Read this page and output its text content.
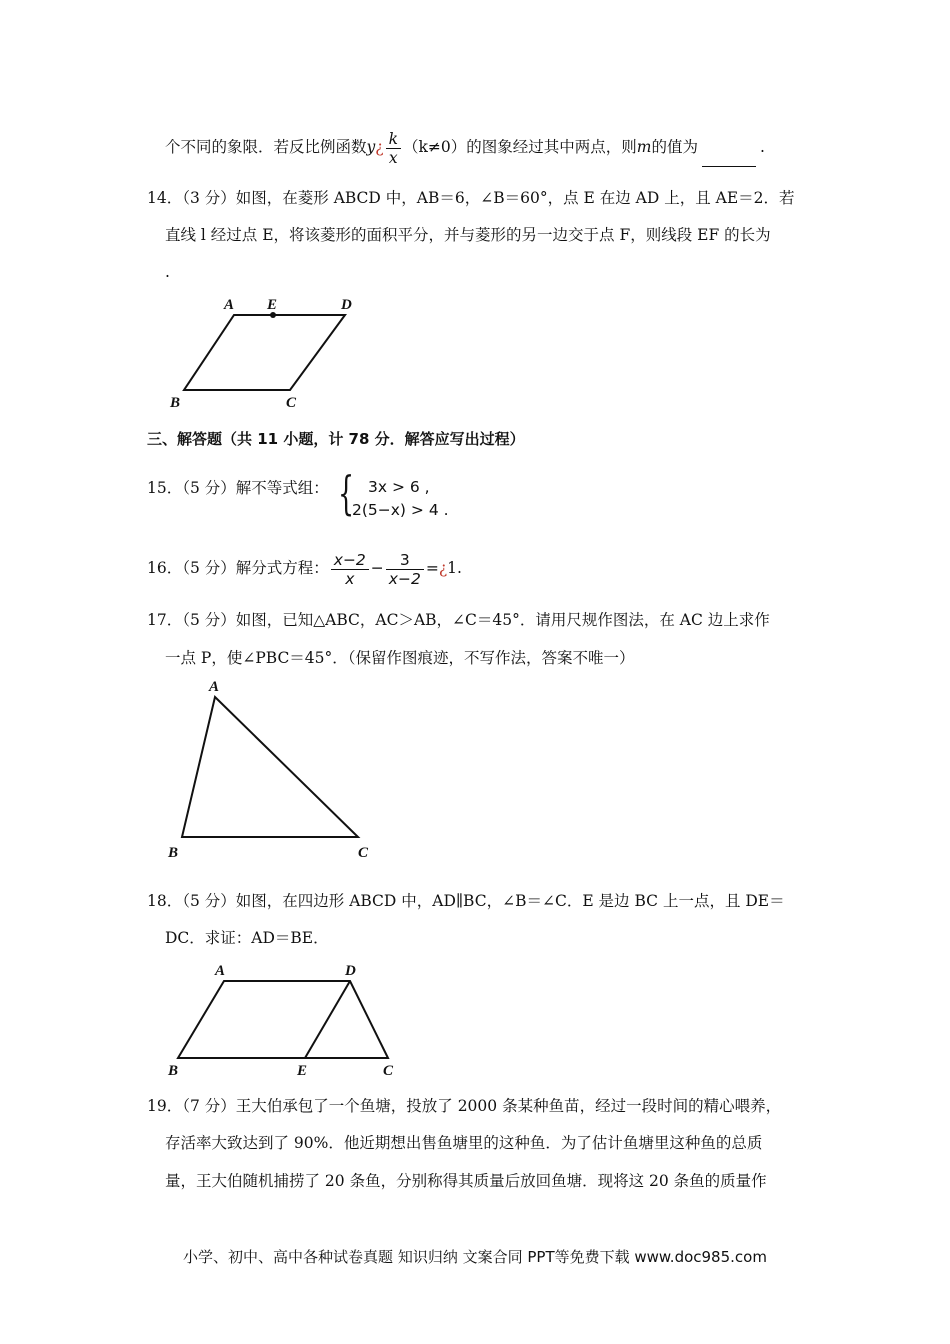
个不同的象限．若反比例函数y¿ $\frac{k}{x} (k\ne 0)$的图象经过其中两点，则m的值为	.
14．（3 分）如图，在菱形 ABCD 中，AB＝6，∠B＝60°，点 E 在边 AD 上，且 AE＝2．若
直线 l 经过点 E，将该菱形的面积平分，并与菱形的另一边交于点 F，则线段 EF 的长为
.
A E	D
B	C
三、解答题（共 11 小题，计 78 分．解答应写出过程）
15．（5 分）解不等式组： { 3x > 6 ,
2(5−x) > 4 .
16．（5 分）解分式方程： $\frac{x-2}{x} - \frac{3}{x-2}$ =¿1.
17．（5 分）如图，已知△ABC，AC＞AB，∠C＝45°．请用尺规作图法，在 AC 边上求作
一点 P，使∠PBC＝45°．（保留作图痕迹，不写作法，答案不唯一）
A
B	C
18．（5 分）如图，在四边形 ABCD 中，AD∥BC，∠B＝∠C．E 是边 BC 上一点，且 DE＝
DC．求证：AD＝BE．
A	D
B	E	C
19．（7 分）王大伯承包了一个鱼塘，投放了 2000 条某种鱼苗，经过一段时间的精心喂养，
存活率大致达到了 90%．他近期想出售鱼塘里的这种鱼．为了估计鱼塘里这种鱼的总质
量，王大伯随机捕捞了 20 条鱼，分别称得其质量后放回鱼塘．现将这 20 条鱼的质量作
小学、初中、高中各种试卷真题 知识归纳 文案合同 PPT等免费下载 www.doc985.com
